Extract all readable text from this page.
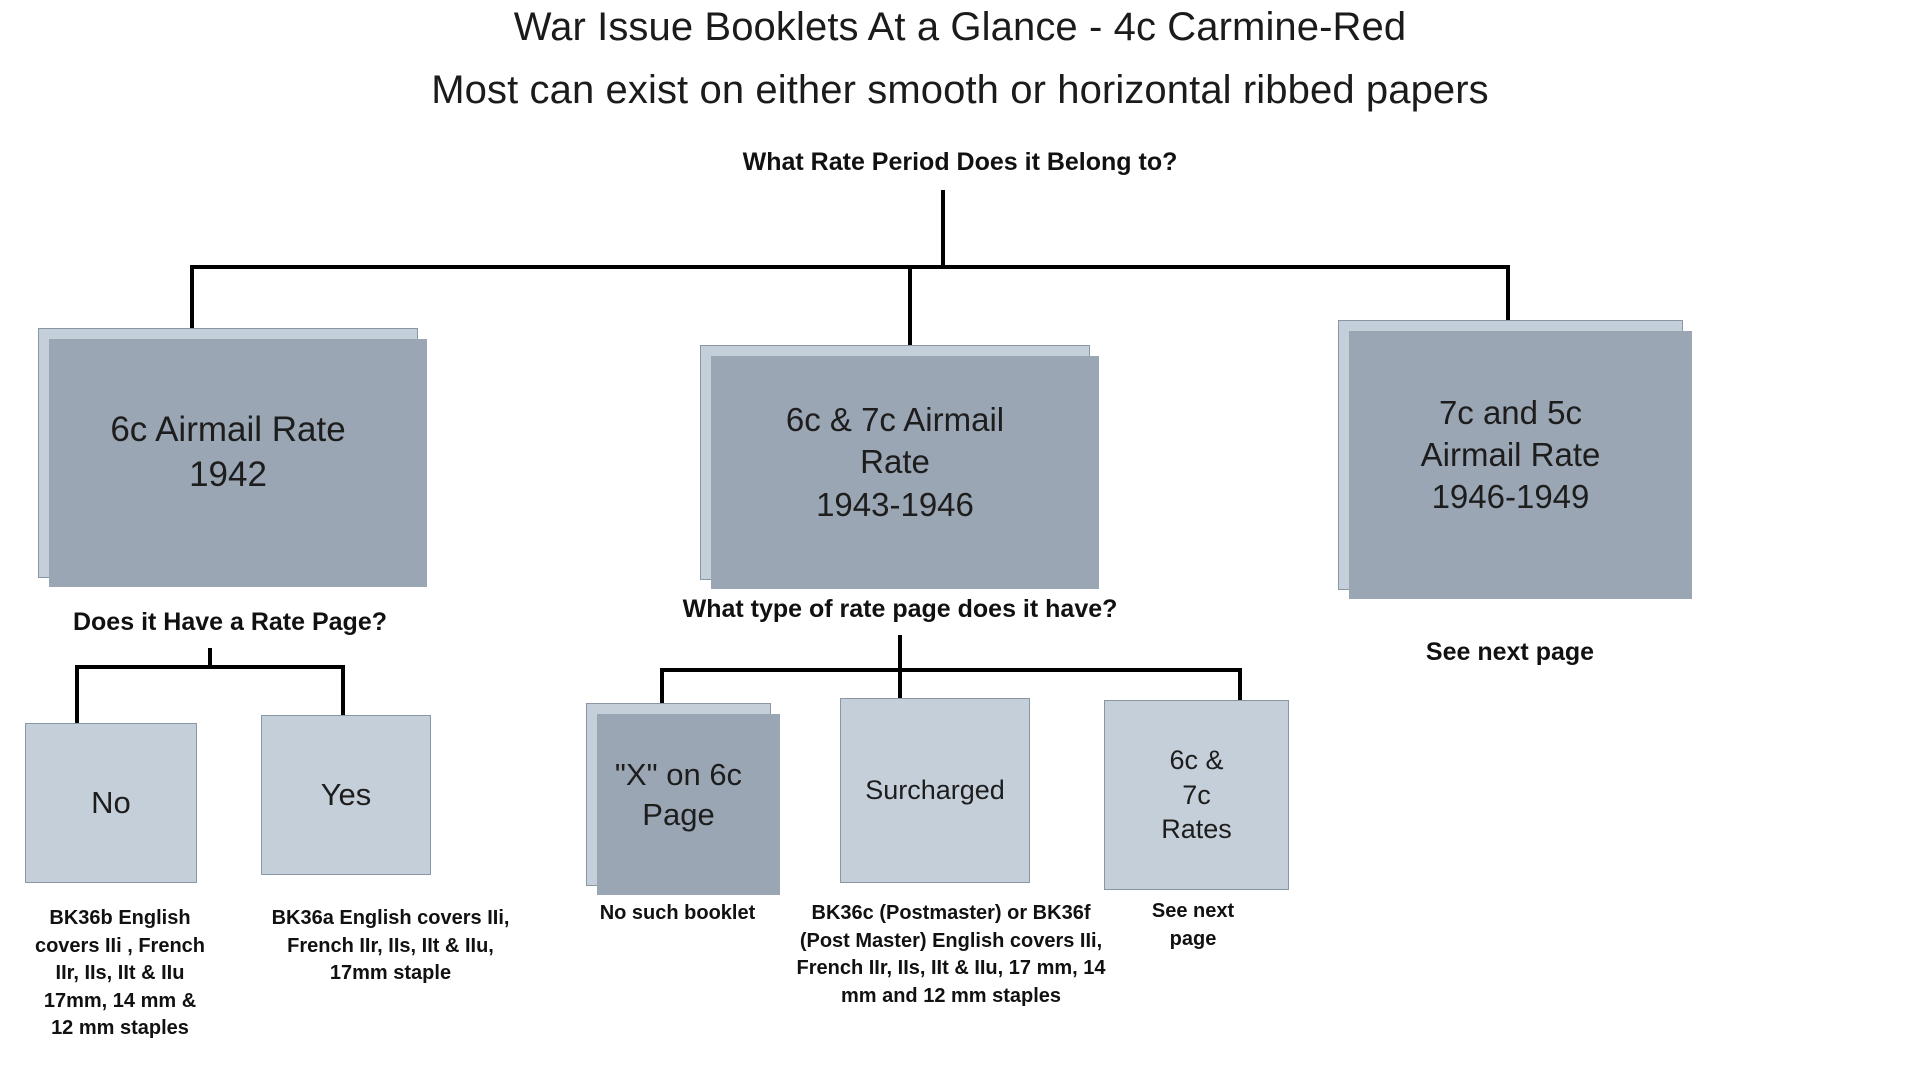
War Issue Booklets At a Glance - 4c Carmine-Red
Most can exist on either smooth or horizontal ribbed papers
What Rate Period Does it Belong to?
6c Airmail Rate
1942
6c & 7c Airmail
Rate
1943-1946
7c and 5c
Airmail Rate
1946-1949
See next page
Does it Have a Rate Page?
No	Yes
BK36b English covers IIi , French IIr, IIs, IIt & IIu 17mm, 14 mm & 12 mm staples
BK36a English covers IIi, French IIr, IIs, IIt & IIu, 17mm staple
What type of rate page does it have?
"X" on 6c
Page
Surcharged
6c &
7c
Rates
No such booklet	BK36c (Postmaster) or BK36f (Post Master) English covers IIi, French IIr, IIs, IIt & IIu, 17 mm, 14 mm and 12 mm staples
See next page
